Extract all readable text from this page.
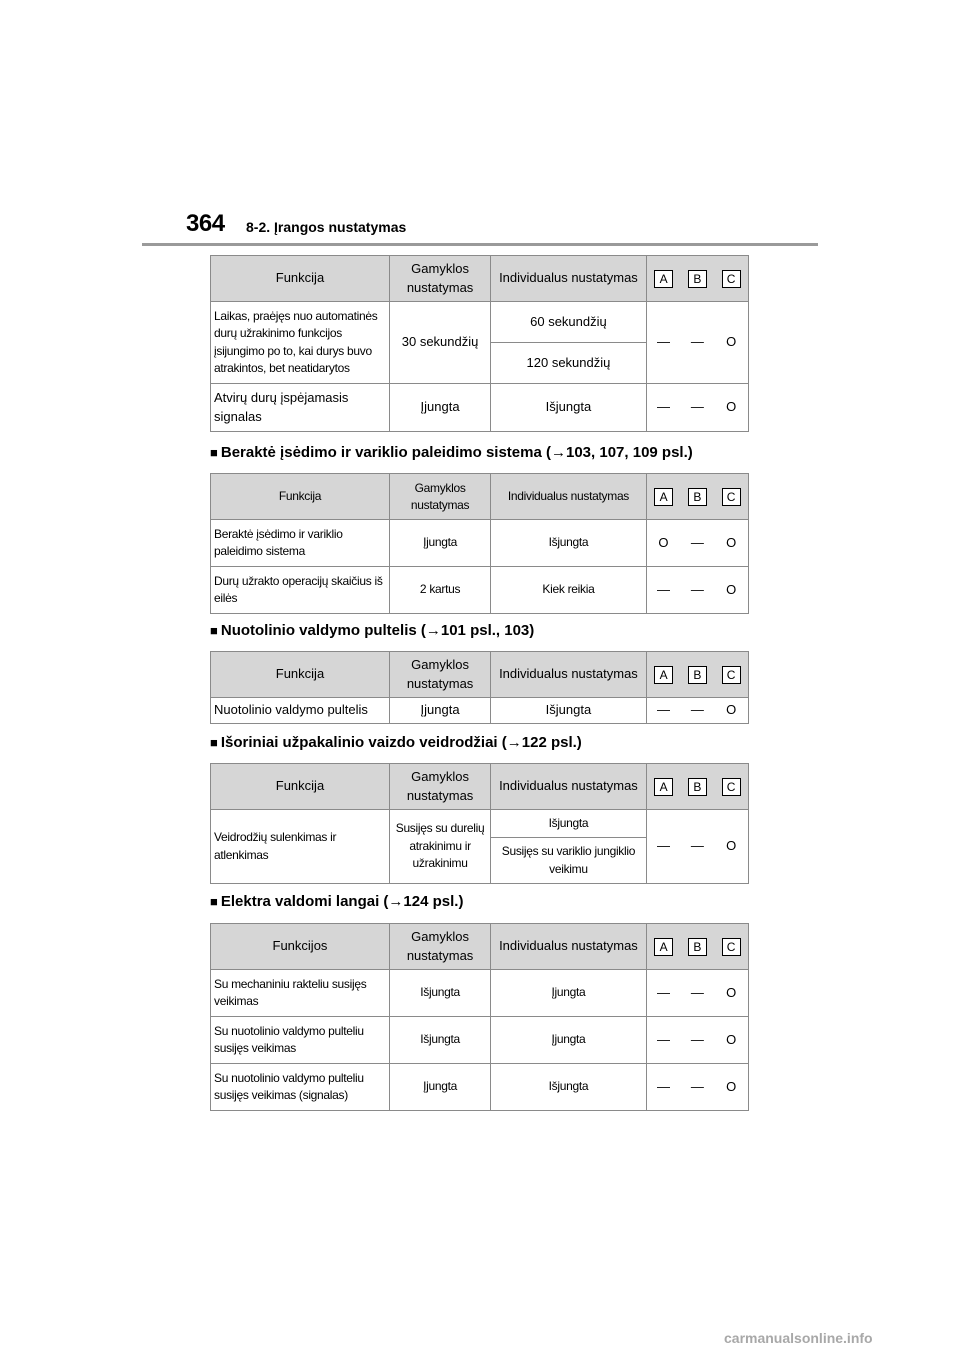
364 8-2. Įrangos nustatymas
Funkcija	Gamyklos nustatymas	Individualus nustatymas	A B C		

Laikas, praėjęs nuo automatinės durų užrakinimo funkcijos įsijungimo po to, kai durys buvo atrakintos, bet neatidarytos	30 sekundžių	60 sekundžių	—	—	O
		120 sekundžių			
Atvirų durų įspėjamasis signalas	Įjungta	Išjungta	—	—	O
■ Beraktė įsėdimo ir variklio paleidimo sistema (→103, 107, 109 psl.)
Funkcija	Gamyklos nustatymas	Individualus nustatymas	A B C		

Beraktė įsėdimo ir variklio paleidimo sistema	Įjungta	Išjungta	O	—	O
Durų užrakto operacijų skaičius iš eilės	2 kartus	Kiek reikia	—	—	O
■ Nuotolinio valdymo pultelis (→101 psl., 103)
Funkcija	Gamyklos nustatymas	Individualus nustatymas	A B C		

Nuotolinio valdymo pultelis	Įjungta	Išjungta	—	—	O
■ Išoriniai užpakalinio vaizdo veidrodžiai (→122 psl.)
Funkcija	Gamyklos nustatymas	Individualus nustatymas	A B C		

Veidrodžių sulenkimas ir atlenkimas	Susijęs su durelių atrakinimu ir užrakinimu	Išjungta	—	—	O
		Susijęs su variklio jungiklio veikimu			
■ Elektra valdomi langai (→124 psl.)
Funkcijos	Gamyklos nustatymas	Individualus nustatymas	A B C		

Su mechaniniu rakteliu susijęs veikimas	Išjungta	Įjungta	—	—	O
Su nuotolinio valdymo pulteliu susijęs veikimas	Išjungta	Įjungta	—	—	O
Su nuotolinio valdymo pulteliu susijęs veikimas (signalas)	Įjungta	Išjungta	—	—	O
carmanualsonline.info
